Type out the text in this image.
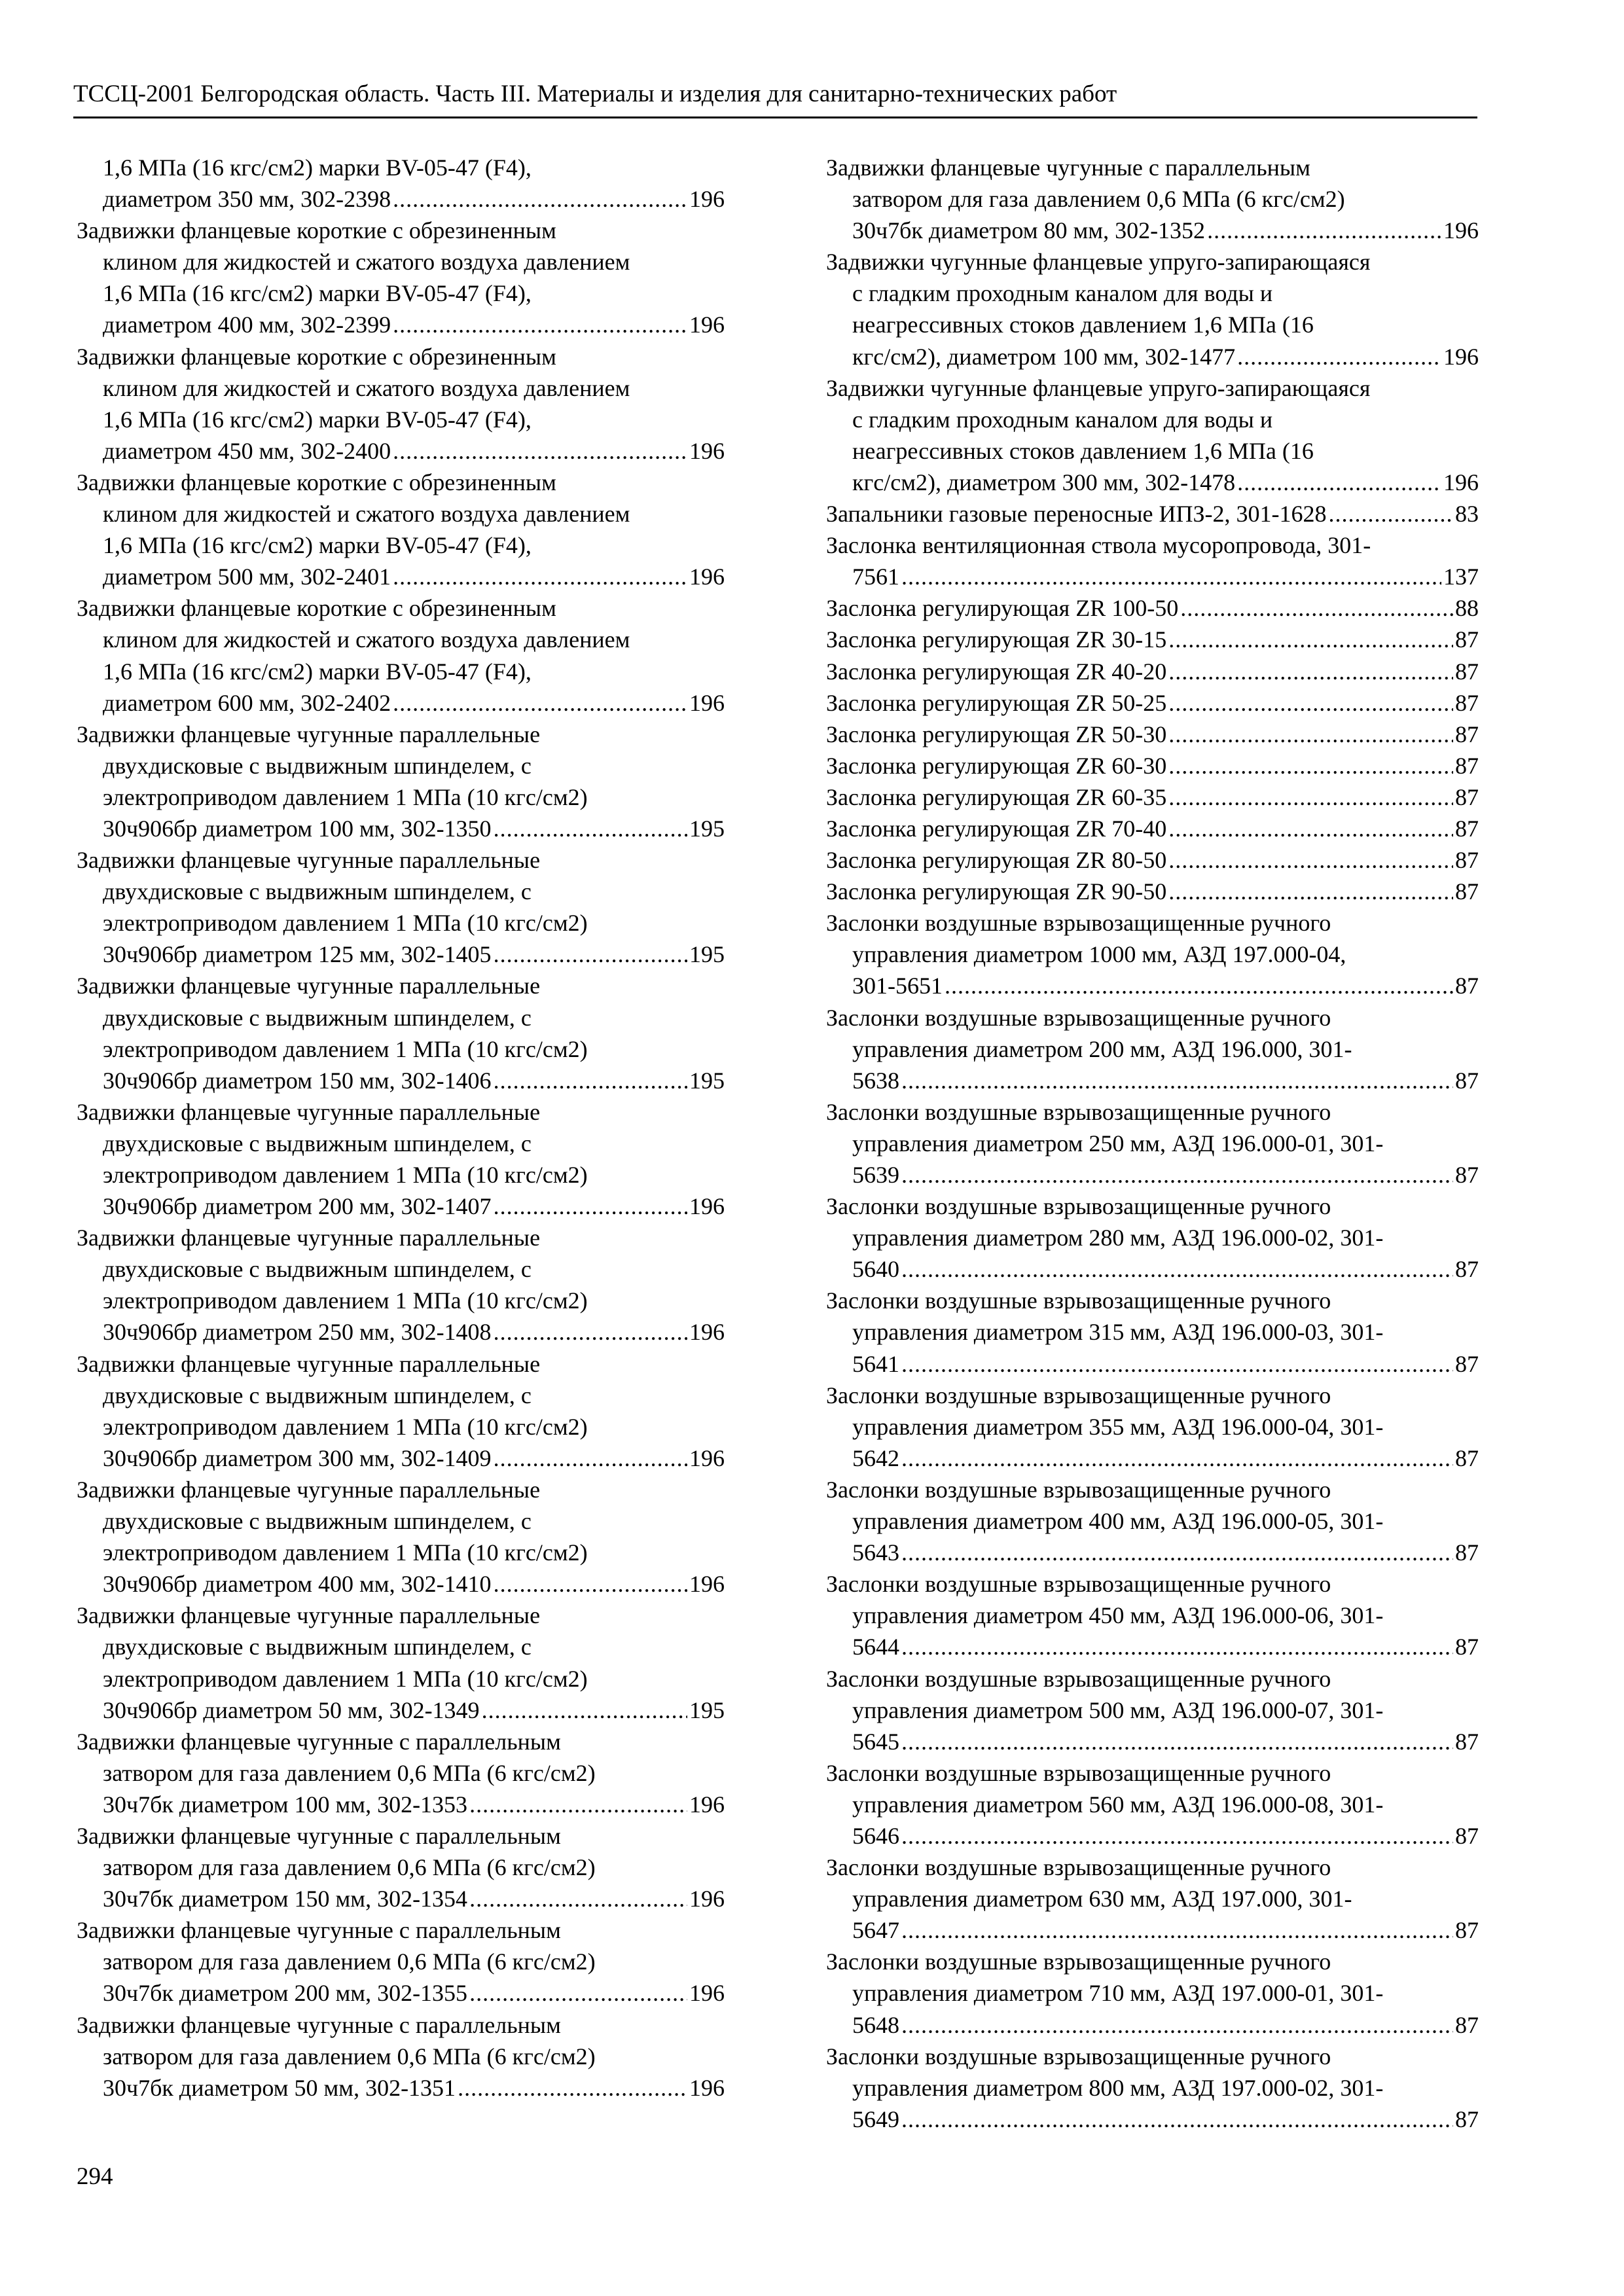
ТССЦ-2001 Белгородская область. Часть III. Материалы и изделия для санитарно-технических работ
1,6 МПа (16 кгс/см2) марки BV-05-47 (F4),
диаметром 350 мм, 302-2398 .....	196
Задвижки фланцевые короткие с обрезиненным
клином для жидкостей и сжатого воздуха давлением
1,6 МПа (16 кгс/см2) марки BV-05-47 (F4),
диаметром 400 мм, 302-2399 .....	196
Задвижки фланцевые короткие с обрезиненным
клином для жидкостей и сжатого воздуха давлением
1,6 МПа (16 кгс/см2) марки BV-05-47 (F4),
диаметром 450 мм, 302-2400 .....	196
Задвижки фланцевые короткие с обрезиненным
клином для жидкостей и сжатого воздуха давлением
1,6 МПа (16 кгс/см2) марки BV-05-47 (F4),
диаметром 500 мм, 302-2401 .....	196
Задвижки фланцевые короткие с обрезиненным
клином для жидкостей и сжатого воздуха давлением
1,6 МПа (16 кгс/см2) марки BV-05-47 (F4),
диаметром 600 мм, 302-2402 .....	196
Задвижки фланцевые чугунные параллельные
двухдисковые с выдвижным шпинделем, с
электроприводом давлением 1 МПа (10 кгс/см2)
30ч906бр диаметром 100 мм, 302-1350 .....	195
Задвижки фланцевые чугунные параллельные
двухдисковые с выдвижным шпинделем, с
электроприводом давлением 1 МПа (10 кгс/см2)
30ч906бр диаметром 125 мм, 302-1405 .....	195
Задвижки фланцевые чугунные параллельные
двухдисковые с выдвижным шпинделем, с
электроприводом давлением 1 МПа (10 кгс/см2)
30ч906бр диаметром 150 мм, 302-1406 .....	195
Задвижки фланцевые чугунные параллельные
двухдисковые с выдвижным шпинделем, с
электроприводом давлением 1 МПа (10 кгс/см2)
30ч906бр диаметром 200 мм, 302-1407 .....	196
Задвижки фланцевые чугунные параллельные
двухдисковые с выдвижным шпинделем, с
электроприводом давлением 1 МПа (10 кгс/см2)
30ч906бр диаметром 250 мм, 302-1408 .....	196
Задвижки фланцевые чугунные параллельные
двухдисковые с выдвижным шпинделем, с
электроприводом давлением 1 МПа (10 кгс/см2)
30ч906бр диаметром 300 мм, 302-1409 .....	196
Задвижки фланцевые чугунные параллельные
двухдисковые с выдвижным шпинделем, с
электроприводом давлением 1 МПа (10 кгс/см2)
30ч906бр диаметром 400 мм, 302-1410 .....	196
Задвижки фланцевые чугунные параллельные
двухдисковые с выдвижным шпинделем, с
электроприводом давлением 1 МПа (10 кгс/см2)
30ч906бр диаметром 50 мм, 302-1349 .....	195
Задвижки фланцевые чугунные с параллельным
затвором для газа давлением 0,6 МПа (6 кгс/см2)
30ч7бк диаметром 100 мм, 302-1353 .....	196
Задвижки фланцевые чугунные с параллельным
затвором для газа давлением 0,6 МПа (6 кгс/см2)
30ч7бк диаметром 150 мм, 302-1354 .....	196
Задвижки фланцевые чугунные с параллельным
затвором для газа давлением 0,6 МПа (6 кгс/см2)
30ч7бк диаметром 200 мм, 302-1355 .....	196
Задвижки фланцевые чугунные с параллельным
затвором для газа давлением 0,6 МПа (6 кгс/см2)
30ч7бк диаметром 50 мм, 302-1351 .....	196
Задвижки фланцевые чугунные с параллельным
затвором для газа давлением 0,6 МПа (6 кгс/см2)
30ч7бк диаметром 80 мм, 302-1352 .....	196
Задвижки чугунные фланцевые упруго-запирающаяся
с гладким проходным каналом для воды и
неагрессивных стоков давлением 1,6 МПа (16
кгс/см2), диаметром 100 мм, 302-1477 .....	196
Задвижки чугунные фланцевые упруго-запирающаяся
с гладким проходным каналом для воды и
неагрессивных стоков давлением 1,6 МПа (16
кгс/см2), диаметром 300 мм, 302-1478 .....	196
Запальники газовые переносные ИПЗ-2, 301-1628 .....	83
Заслонка вентиляционная ствола мусоропровода, 301-
7561 .....	137
Заслонка регулирующая ZR 100-50 .....	88
Заслонка регулирующая ZR 30-15 .....	87
Заслонка регулирующая ZR 40-20 .....	87
Заслонка регулирующая ZR 50-25 .....	87
Заслонка регулирующая ZR 50-30 .....	87
Заслонка регулирующая ZR 60-30 .....	87
Заслонка регулирующая ZR 60-35 .....	87
Заслонка регулирующая ZR 70-40 .....	87
Заслонка регулирующая ZR 80-50 .....	87
Заслонка регулирующая ZR 90-50 .....	87
Заслонки воздушные взрывозащищенные ручного
управления диаметром 1000 мм, АЗД 197.000-04,
301-5651 .....	87
Заслонки воздушные взрывозащищенные ручного
управления диаметром 200 мм, АЗД 196.000, 301-
5638 .....	87
Заслонки воздушные взрывозащищенные ручного
управления диаметром 250 мм, АЗД 196.000-01, 301-
5639 .....	87
Заслонки воздушные взрывозащищенные ручного
управления диаметром 280 мм, АЗД 196.000-02, 301-
5640 .....	87
Заслонки воздушные взрывозащищенные ручного
управления диаметром 315 мм, АЗД 196.000-03, 301-
5641 .....	87
Заслонки воздушные взрывозащищенные ручного
управления диаметром 355 мм, АЗД 196.000-04, 301-
5642 .....	87
Заслонки воздушные взрывозащищенные ручного
управления диаметром 400 мм, АЗД 196.000-05, 301-
5643 .....	87
Заслонки воздушные взрывозащищенные ручного
управления диаметром 450 мм, АЗД 196.000-06, 301-
5644 .....	87
Заслонки воздушные взрывозащищенные ручного
управления диаметром 500 мм, АЗД 196.000-07, 301-
5645 .....	87
Заслонки воздушные взрывозащищенные ручного
управления диаметром 560 мм, АЗД 196.000-08, 301-
5646 .....	87
Заслонки воздушные взрывозащищенные ручного
управления диаметром 630 мм, АЗД 197.000, 301-
5647 .....	87
Заслонки воздушные взрывозащищенные ручного
управления диаметром 710 мм, АЗД 197.000-01, 301-
5648 .....	87
Заслонки воздушные взрывозащищенные ручного
управления диаметром 800 мм, АЗД 197.000-02, 301-
5649 .....	87
294
